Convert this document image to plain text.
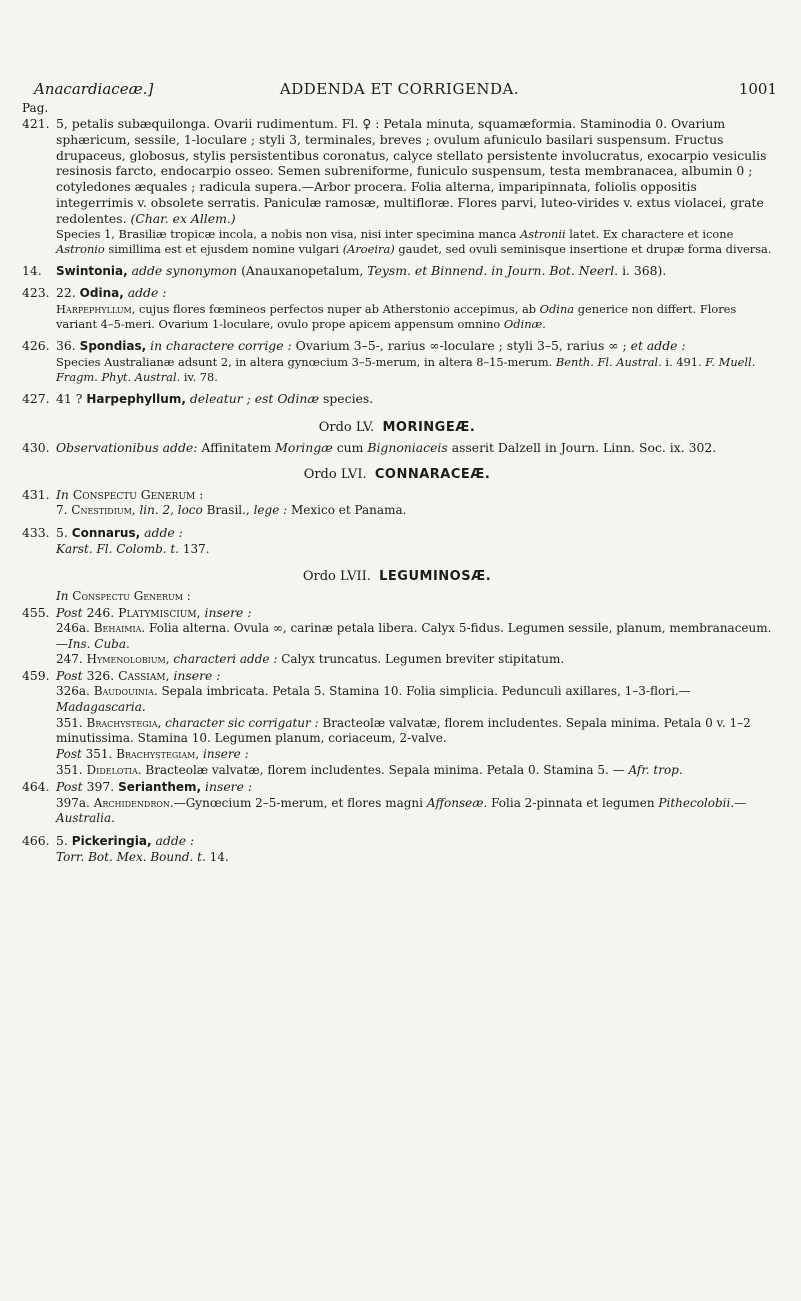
Anacardiaceæ.]	ADDENDA ET CORRIGENDA.	1001

Pag.

421. 5, petalis subæquilonga. Ovarii rudimentum. Fl. ♀ : Petala minuta, squamæformia. Staminodia 0. Ovarium sphæricum, sessile, 1-loculare ; styli 3, terminales, breves ; ovulum afuniculo basilari suspensum. Fructus drupaceus, globosus, stylis persistentibus coronatus, calyce stellato persistente involucratus, exocarpio vesiculis resinosis farcto, endocarpio osseo. Semen subreniforme, funiculo suspensum, testa membranacea, albumin 0 ; cotyledones æquales ; radicula supera.—Arbor procera. Folia alterna, imparipinnata, foliolis oppositis integerrimis v. obsolete serratis. Paniculæ ramosæ, multifloræ. Flores parvi, luteo-virides v. extus violacei, grate redolentes. (Char. ex Allem.)

Species 1, Brasiliæ tropicæ incola, a nobis non visa, nisi inter specimina manca Astronii latet. Ex charactere et icone Astronio simillima est et ejusdem nomine vulgari (Aroeira) gaudet, sed ovuli seminisque insertione et drupæ forma diversa.

14.	Swintonia, adde synonymon (Anauxanopetalum, Teysm. et Binnend. in Journ. Bot. Neerl. i. 368).
423. 22. Odina, adde :

Harpephyllum, cujus flores fœmineos perfectos nuper ab Atherstonio accepimus, ab Odina generice non differt. Flores variant 4–5-meri. Ovarium 1-loculare, ovulo prope apicem appensum omnino Odinæ.

426. 36. Spondias, in charactere corrige : Ovarium 3–5-, rarius ∞-loculare ; styli 3–5, rarius ∞ ; et adde :

Species Australianæ adsunt 2, in altera gynœcium 3–5-merum, in altera 8–15-merum. Benth. Fl. Austral. i. 491. F. Muell. Fragm. Phyt. Austral. iv. 78.

427. 41 ? Harpephyllum, deleatur ; est Odinæ species.
Ordo LV. MORINGEÆ.
430. Observationibus adde: Affinitatem Moringæ cum Bignoniaceis asserit Dalzell in Journ. Linn. Soc. ix. 302.
Ordo LVI. CONNARACEÆ.
431. In Conspectu Generum :

7. Cnestidium, lin. 2, loco Brasil., lege : Mexico et Panama.

433. 5. Connarus, adde :

Karst. Fl. Colomb. t. 137.

Ordo LVII. LEGUMINOSÆ.

In Conspectu Generum :

455. Post 246. Platymiscium, insere :

246a. Behaimia. Folia alterna. Ovula ∞, carinæ petala libera. Calyx 5-fidus. Legumen sessile, planum, membranaceum.—Ins. Cuba.

247. Hymenolobium, characteri adde : Calyx truncatus. Legumen breviter stipitatum.

459. Post 326. Cassiam, insere :

326a. Baudouinia. Sepala imbricata. Petala 5. Stamina 10. Folia simplicia. Pedunculi axillares, 1–3-flori.—Madagascaria.

351. Brachystegia, character sic corrigatur : Bracteolæ valvatæ, florem includentes. Sepala minima. Petala 0 v. 1–2 minutissima. Stamina 10. Legumen planum, coriaceum, 2-valve.

Post 351. Brachystegiam, insere :

351. Didelotia. Bracteolæ valvatæ, florem includentes. Sepala minima. Petala 0. Stamina 5. — Afr. trop.

464. Post 397. Serianthem, insere :

397a. Archidendron.—Gynœcium 2–5-merum, et flores magni Affonseæ. Folia 2-pinnata et legumen Pithecolobii.—Australia.

466. 5. Pickeringia, adde :

Torr. Bot. Mex. Bound. t. 14.
